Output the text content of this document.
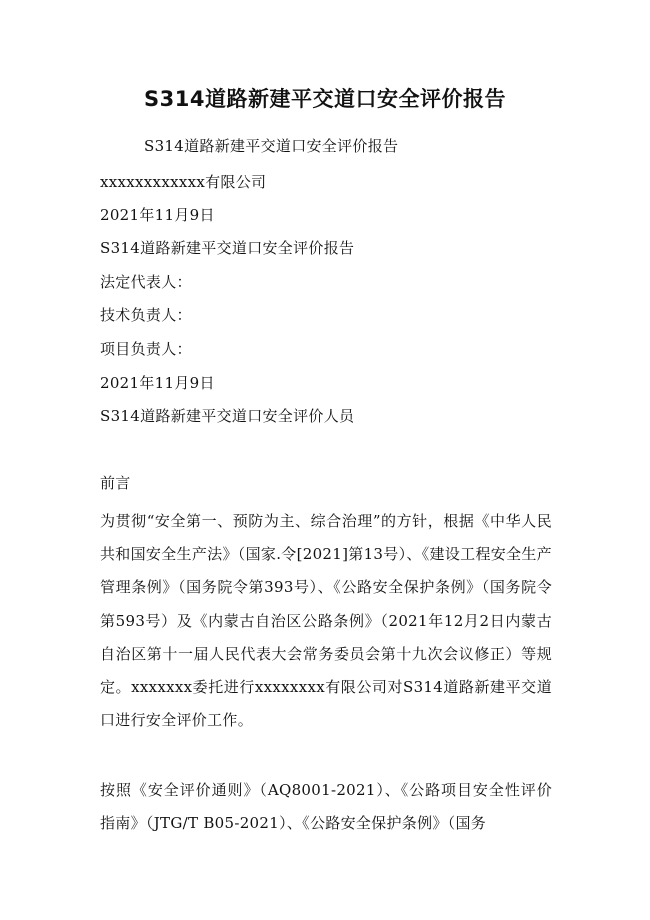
S314道路新建平交道口安全评价报告
S314道路新建平交道口安全评价报告
xxxxxxxxxxxx有限公司
2021年11月9日
S314道路新建平交道口安全评价报告
法定代表人：
技术负责人：
项目负责人：
2021年11月9日
S314道路新建平交道口安全评价人员
前言
为贯彻“安全第一、预防为主、综合治理”的方针，根据《中华人民共和国安全生产法》（国家.令[2021]第13号）、《建设工程安全生产管理条例》（国务院令第393号）、《公路安全保护条例》（国务院令第593号）及《内蒙古自治区公路条例》（2021年12月2日内蒙古自治区第十一届人民代表大会常务委员会第十九次会议修正）等规定。xxxxxxx委托进行xxxxxxxx有限公司对S314道路新建平交道口进行安全评价工作。
按照《安全评价通则》（AQ8001-2021）、《公路项目安全性评价指南》（JTG/T B05-2021）、《公路安全保护条例》（国务
